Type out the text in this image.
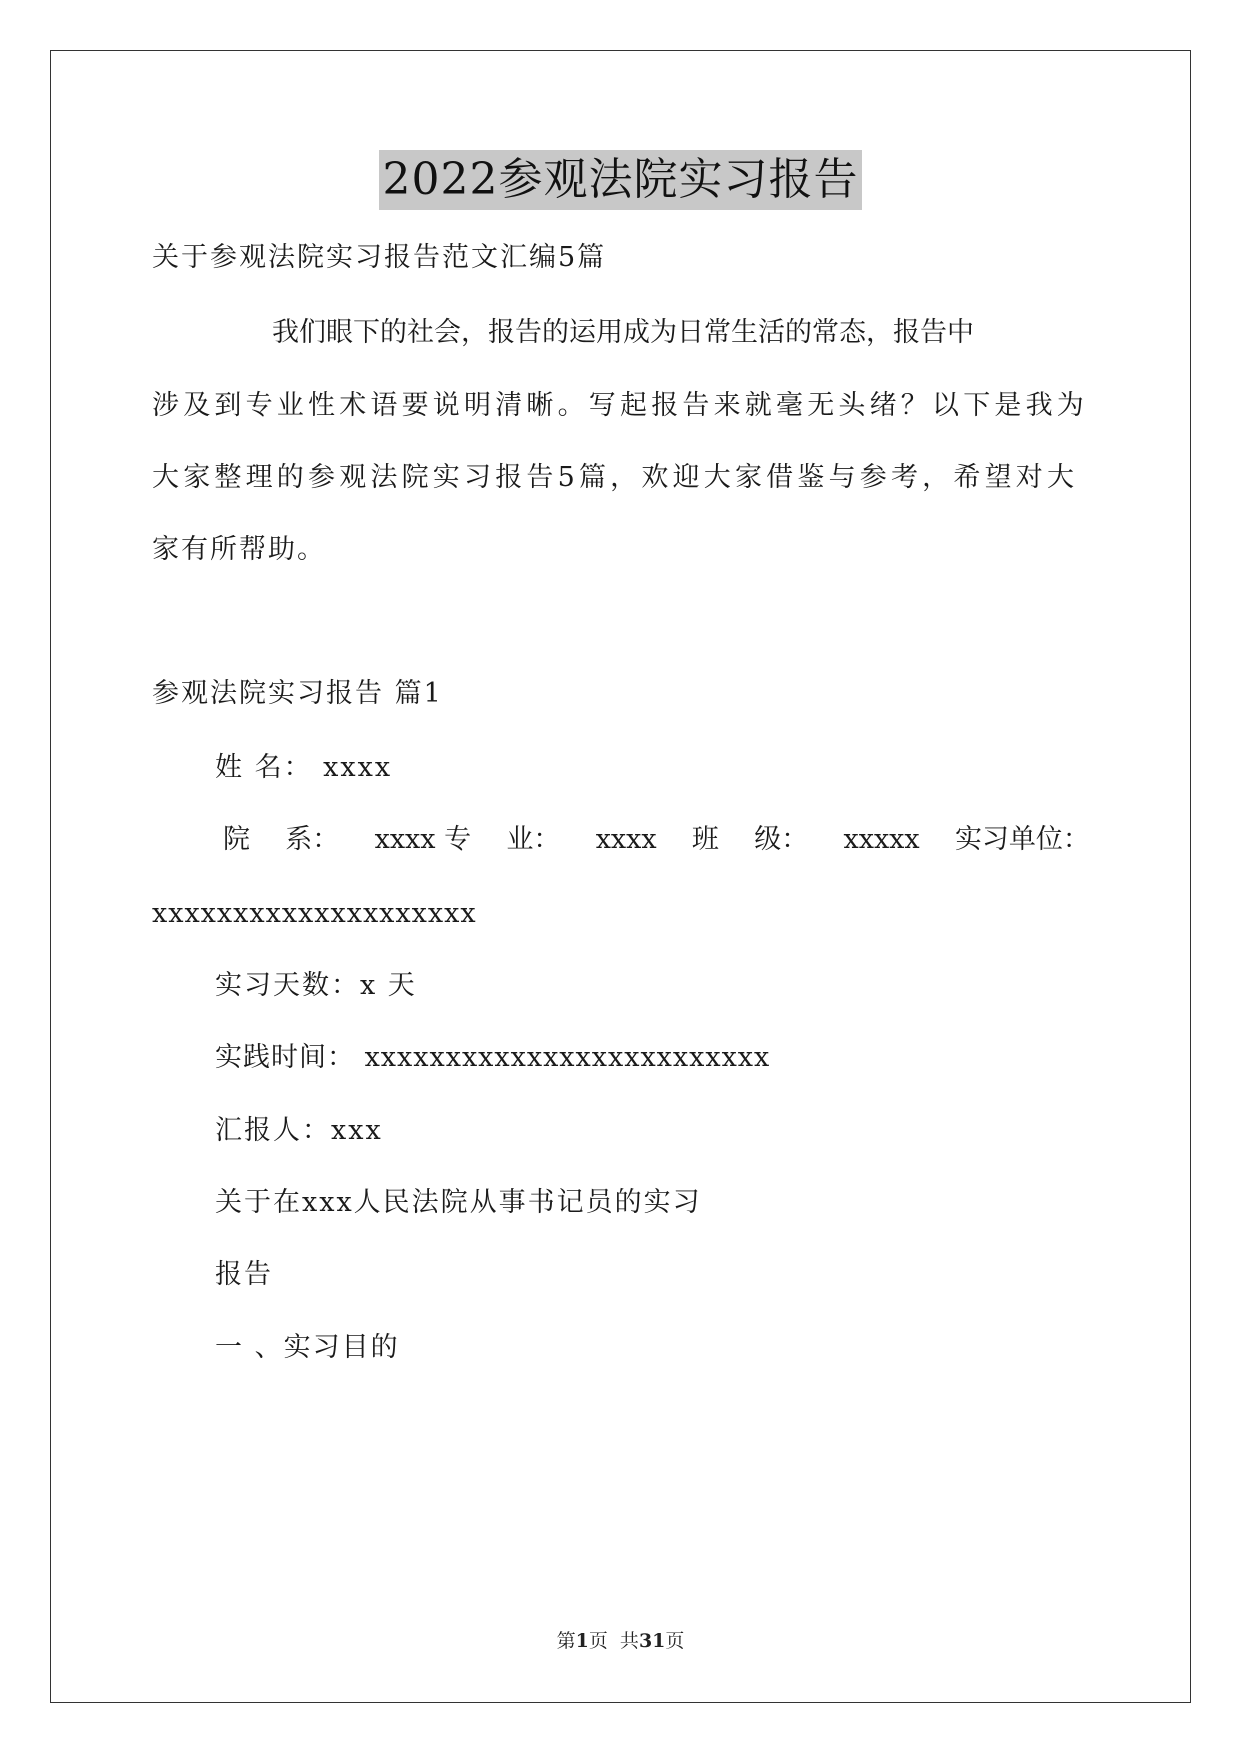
2022参观法院实习报告
关于参观法院实习报告范文汇编5篇
我们眼下的社会，报告的运用成为日常生活的常态，报告中
涉及到专业性术语要说明清晰。写起报告来就毫无头绪？以下是我为
大家整理的参观法院实习报告5篇，欢迎大家借鉴与参考，希望对大
家有所帮助。
参观法院实习报告 篇1
姓 名： xxxx
院 系： xxxx 专 业： xxxx 班 级： xxxxx 实习单位：
xxxxxxxxxxxxxxxxxxxx
实习天数：x 天
实践时间： xxxxxxxxxxxxxxxxxxxxxxxxx
汇报人：xxx
关于在xxx人民法院从事书记员的实习
报告
一 、实习目的
第1页  共31页
